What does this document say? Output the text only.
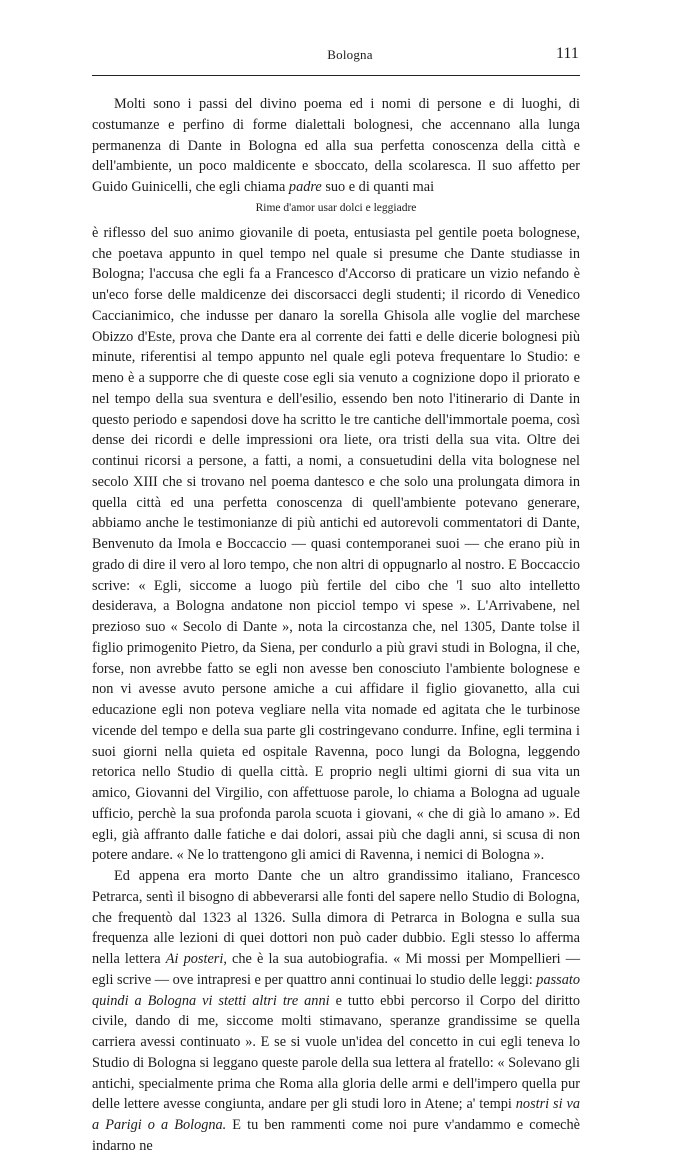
Bologna	111

Molti sono i passi del divino poema ed i nomi di persone e di luoghi, di costumanze e perfino di forme dialettali bolognesi, che accennano alla lunga permanenza di Dante in Bologna ed alla sua perfetta conoscenza della città e dell'ambiente, un poco maldicente e sboccato, della scolaresca. Il suo affetto per Guido Guinicelli, che egli chiama padre suo e di quanti mai

Rime d'amor usar dolci e leggiadre

è riflesso del suo animo giovanile di poeta, entusiasta pel gentile poeta bolognese, che poetava appunto in quel tempo nel quale si presume che Dante studiasse in Bologna; l'accusa che egli fa a Francesco d'Accorso di praticare un vizio nefando è un'eco forse delle maldicenze dei discorsacci degli studenti; il ricordo di Venedico Caccianimico, che indusse per danaro la sorella Ghisola alle voglie del marchese Obizzo d'Este, prova che Dante era al corrente dei fatti e delle dicerie bolognesi più minute, riferentisi al tempo appunto nel quale egli poteva frequentare lo Studio: e meno è a supporre che di queste cose egli sia venuto a cognizione dopo il priorato e nel tempo della sua sventura e dell'esilio, essendo ben noto l'itinerario di Dante in questo periodo e sapendosi dove ha scritto le tre cantiche dell'immortale poema, così dense dei ricordi e delle impressioni ora liete, ora tristi della sua vita. Oltre dei continui ricorsi a persone, a fatti, a nomi, a consuetudini della vita bolognese nel secolo XIII che si trovano nel poema dantesco e che solo una prolungata dimora in quella città ed una perfetta conoscenza di quell'ambiente potevano generare, abbiamo anche le testimonianze di più antichi ed autorevoli commentatori di Dante, Benvenuto da Imola e Boccaccio — quasi contemporanei suoi — che erano più in grado di dire il vero al loro tempo, che non altri di oppugnarlo al nostro. E Boccaccio scrive: « Egli, siccome a luogo più fertile del cibo che 'l suo alto intelletto desiderava, a Bologna andatone non picciol tempo vi spese ». L'Arrivabene, nel prezioso suo « Secolo di Dante », nota la circostanza che, nel 1305, Dante tolse il figlio primogenito Pietro, da Siena, per condurlo a più gravi studi in Bologna, il che, forse, non avrebbe fatto se egli non avesse ben conosciuto l'ambiente bolognese e non vi avesse avuto persone amiche a cui affidare il figlio giovanetto, alla cui educazione egli non poteva vegliare nella vita nomade ed agitata che le turbinose vicende del tempo e della sua parte gli costringevano condurre. Infine, egli termina i suoi giorni nella quieta ed ospitale Ravenna, poco lungi da Bologna, leggendo retorica nello Studio di quella città. E proprio negli ultimi giorni di sua vita un amico, Giovanni del Virgilio, con affettuose parole, lo chiama a Bologna ad uguale ufficio, perchè la sua profonda parola scuota i giovani, « che di già lo amano ». Ed egli, già affranto dalle fatiche e dai dolori, assai più che dagli anni, si scusa di non potere andare. « Ne lo trattengono gli amici di Ravenna, i nemici di Bologna ».

Ed appena era morto Dante che un altro grandissimo italiano, Francesco Petrarca, sentì il bisogno di abbeverarsi alle fonti del sapere nello Studio di Bologna, che frequentò dal 1323 al 1326. Sulla dimora di Petrarca in Bologna e sulla sua frequenza alle lezioni di quei dottori non può cader dubbio. Egli stesso lo afferma nella lettera Ai posteri, che è la sua autobiografia. « Mi mossi per Mompellieri — egli scrive — ove intrapresi e per quattro anni continuai lo studio delle leggi: passato quindi a Bologna vi stetti altri tre anni e tutto ebbi percorso il Corpo del diritto civile, dando di me, siccome molti stimavano, speranze grandissime se quella carriera avessi continuato ». E se si vuole un'idea del concetto in cui egli teneva lo Studio di Bologna si leggano queste parole della sua lettera al fratello: « Solevano gli antichi, specialmente prima che Roma alla gloria delle armi e dell'impero quella pur delle lettere avesse congiunta, andare per gli studi loro in Atene; a' tempi nostri si va a Parigi o a Bologna. E tu ben rammenti come noi pure v'andammo e comechè indarno ne
